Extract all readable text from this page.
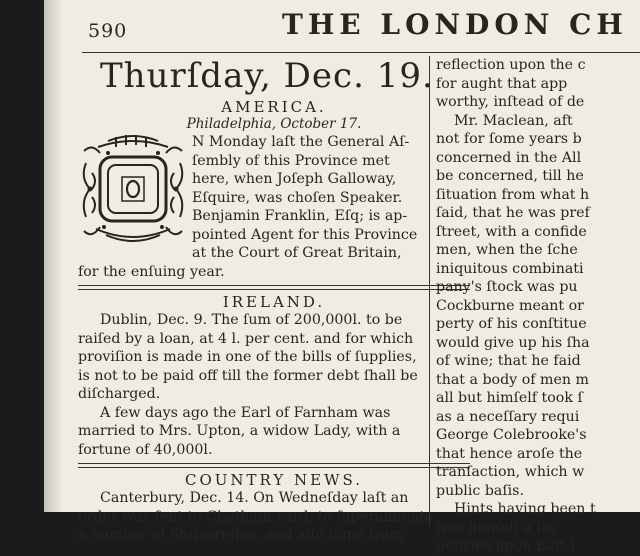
590	THE LONDON CH
Thurſday, Dec. 19.
AMERICA.
Philadelphia, October 17.
N Monday laſt the General Aſ-
ſembly of this Province met
here, when Joſeph Galloway,
Eſquire, was choſen Speaker.
Benjamin Franklin, Eſq; is ap-
pointed Agent for this Province
at the Court of Great Britain,
for the enſuing year.
IRELAND.
Dublin, Dec. 9. The ſum of 200,000l. to be
raiſed by a loan, at 4 l. per cent. and for which
proviſion is made in one of the bills of ſupplies,
is not to be paid off till the former debt ſhall be
diſcharged.
A few days ago the Earl of Farnham was
married to Mrs. Upton, a widow Lady, with a
fortune of 40,000l.
COUNTRY NEWS.
Canterbury, Dec. 14. On Wedneſday laſt an
order was ſent to Chatham-yard, to ſuperannuate
a number of Shipwrights, and alſo ſome from
reflection upon the c
for aught that app
worthy, inſtead of de
Mr. Maclean, aft
not for ſome years b
concerned in the All
be concerned, till he
ſituation from what h
ſaid, that he was pref
ſtreet, with a confide
men, when the ſche
iniquitous combinati
pany's ſtock was pu
Cockburne meant or
perty of his conſtitue
would give up his ſha
of wine; that he faid
that a body of men m
all but himſelf took ſ
as a neceſſary requi
George Colebrooke's
that hence aroſe the
tranſaction, which w
public baſis.
Hints having been t
was himſelf a ſto
policies upon Eaſt-I
